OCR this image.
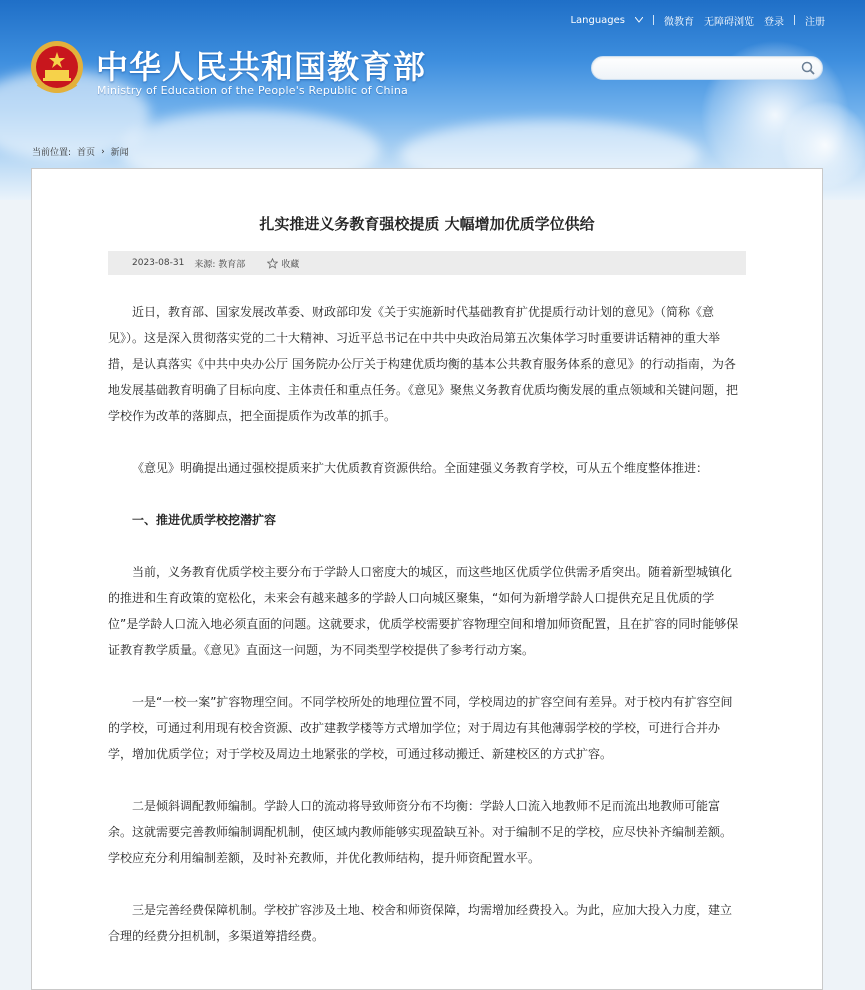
Languages	微教育 无障碍浏览 登录 注册
中华人民共和国教育部
Ministry of Education of the People's Republic of China
当前位置: 首页 › 新闻
扎实推进义务教育强校提质 大幅增加优质学位供给
2023-08-31 来源: 教育部	收藏

近日，教育部、国家发展改革委、财政部印发《关于实施新时代基础教育扩优提质行动计划的意见》（简称《意见》）。这是深入贯彻落实党的二十大精神、习近平总书记在中共中央政治局第五次集体学习时重要讲话精神的重大举措，是认真落实《中共中央办公厅 国务院办公厅关于构建优质均衡的基本公共教育服务体系的意见》的行动指南，为各地发展基础教育明确了目标向度、主体责任和重点任务。《意见》聚焦义务教育优质均衡发展的重点领域和关键问题，把学校作为改革的落脚点，把全面提质作为改革的抓手。

《意见》明确提出通过强校提质来扩大优质教育资源供给。全面建强义务教育学校，可从五个维度整体推进：

一、推进优质学校挖潜扩容

当前，义务教育优质学校主要分布于学龄人口密度大的城区，而这些地区优质学位供需矛盾突出。随着新型城镇化的推进和生育政策的宽松化，未来会有越来越多的学龄人口向城区聚集，“如何为新增学龄人口提供充足且优质的学位”是学龄人口流入地必须直面的问题。这就要求，优质学校需要扩容物理空间和增加师资配置，且在扩容的同时能够保证教育教学质量。《意见》直面这一问题，为不同类型学校提供了参考行动方案。

一是“一校一案”扩容物理空间。不同学校所处的地理位置不同，学校周边的扩容空间有差异。对于校内有扩容空间的学校，可通过利用现有校舍资源、改扩建教学楼等方式增加学位；对于周边有其他薄弱学校的学校，可进行合并办学，增加优质学位；对于学校及周边土地紧张的学校，可通过移动搬迁、新建校区的方式扩容。

二是倾斜调配教师编制。学龄人口的流动将导致师资分布不均衡：学龄人口流入地教师不足而流出地教师可能富余。这就需要完善教师编制调配机制，使区域内教师能够实现盈缺互补。对于编制不足的学校，应尽快补齐编制差额。学校应充分利用编制差额，及时补充教师，并优化教师结构，提升师资配置水平。

三是完善经费保障机制。学校扩容涉及土地、校舍和师资保障，均需增加经费投入。为此，应加大投入力度，建立合理的经费分担机制，多渠道筹措经费。
